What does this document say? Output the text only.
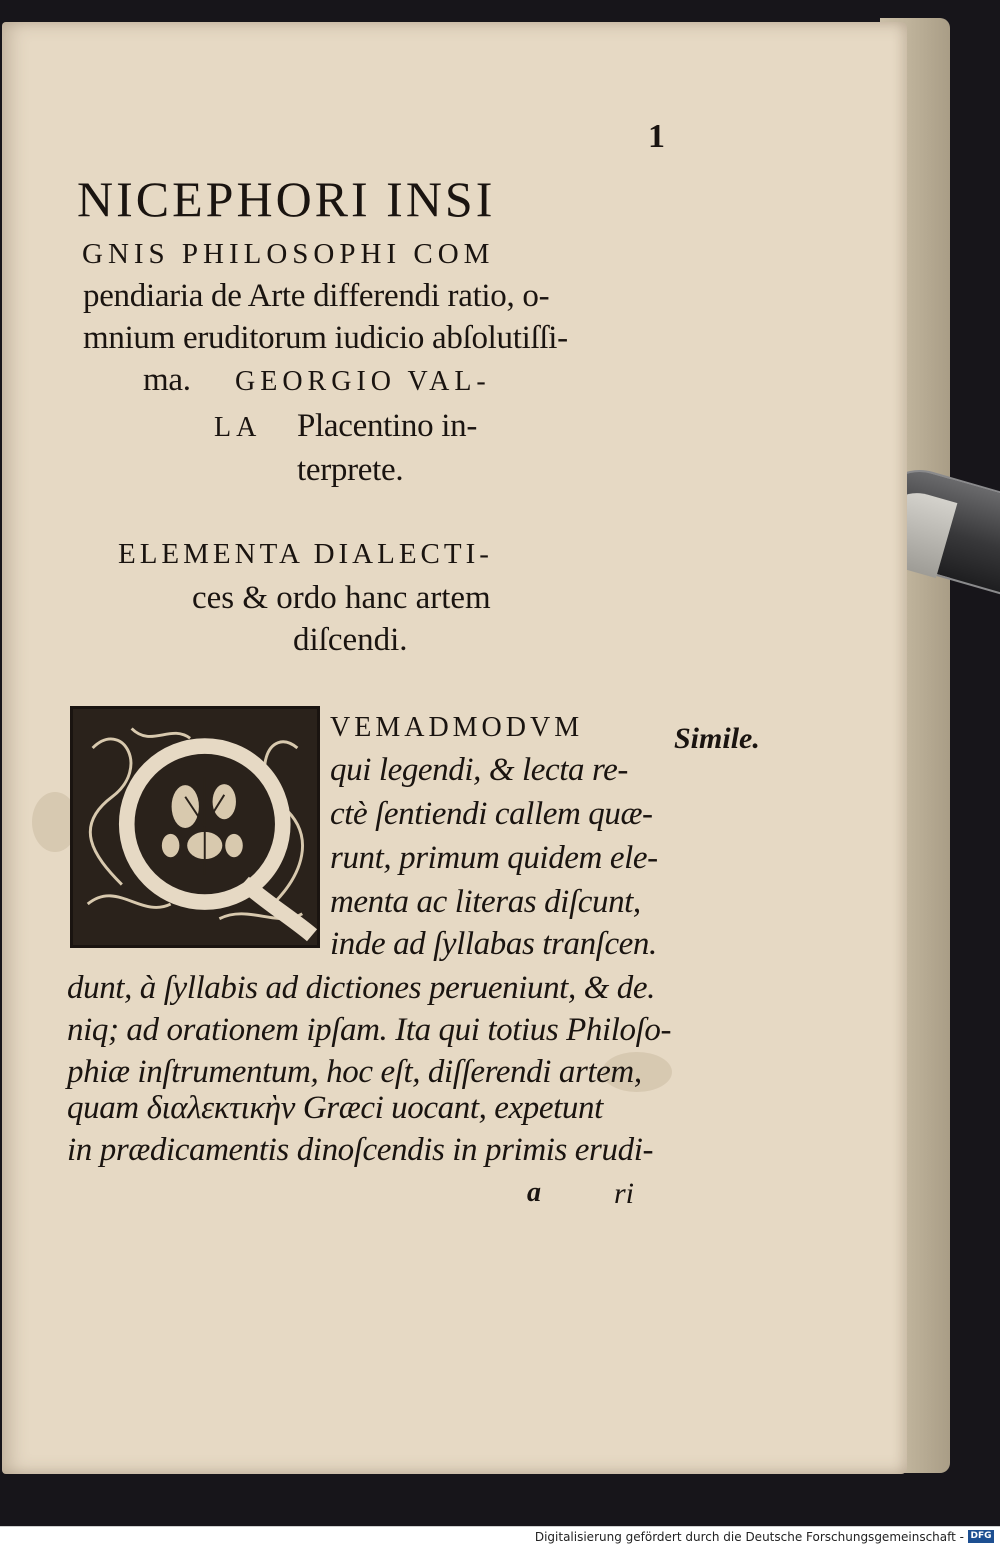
1
NICEPHORI INSI
GNIS PHILOSOPHI COM
pendiaria de Arte differendi ratio, o-
mnium eruditorum iudicio abſolutiſſi-
ma. GEORGIO VAL-
LA Placentino in-
terprete.
ELEMENTA DIALECTI-
ces & ordo hanc artem
diſcendi.
VEMADMODVM
qui legendi, & lecta re-
ctè ſentiendi callem quæ-
runt, primum quidem ele-
menta ac literas diſcunt,
inde ad ſyllabas tranſcen.
dunt, à ſyllabis ad dictiones perueniunt, & de.
niq; ad orationem ipſam. Ita qui totius Philoſo-
phiæ inſtrumentum, hoc eſt, diſſerendi artem,
quam διαλεκτικὴν Græci uocant, expetunt
in prædicamentis dinoſcendis in primis erudi-
a ri
Simile.
Digitalisierung gefördert durch die Deutsche Forschungsgemeinschaft - DFG
